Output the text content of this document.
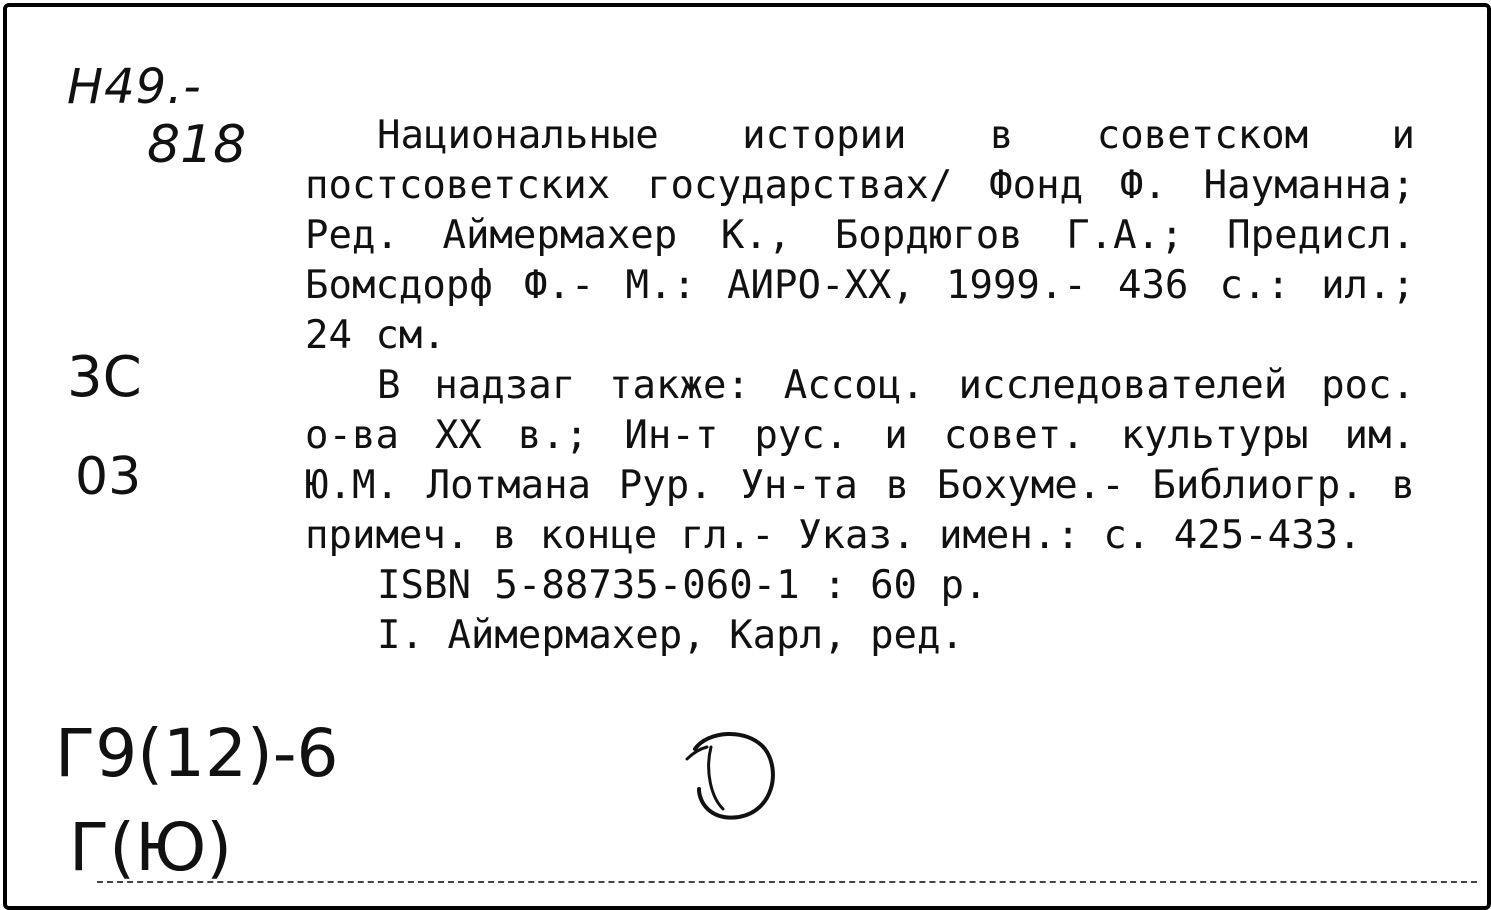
Н49.-
818
3С
03
Г9(12)-6
Г(Ю)

Национальные истории в советском и постсоветских государствах/ Фонд Ф. Науманна; Ред. Аймермахер К., Бордюгов Г.А.; Предисл. Бомсдорф Ф.- М.: АИРО-ХХ, 1999.- 436 с.: ил.; 24 см.

В надзаг также: Ассоц. исследователей рос. о-ва XX в.; Ин-т рус. и совет. культуры им. Ю.М. Лотмана Рур. Ун-та в Бохуме.- Библиогр. в примеч. в конце гл.- Указ. имен.: с. 425-433.

ISBN 5-88735-060-1 : 60 р.

I. Аймермахер, Карл, ред.
